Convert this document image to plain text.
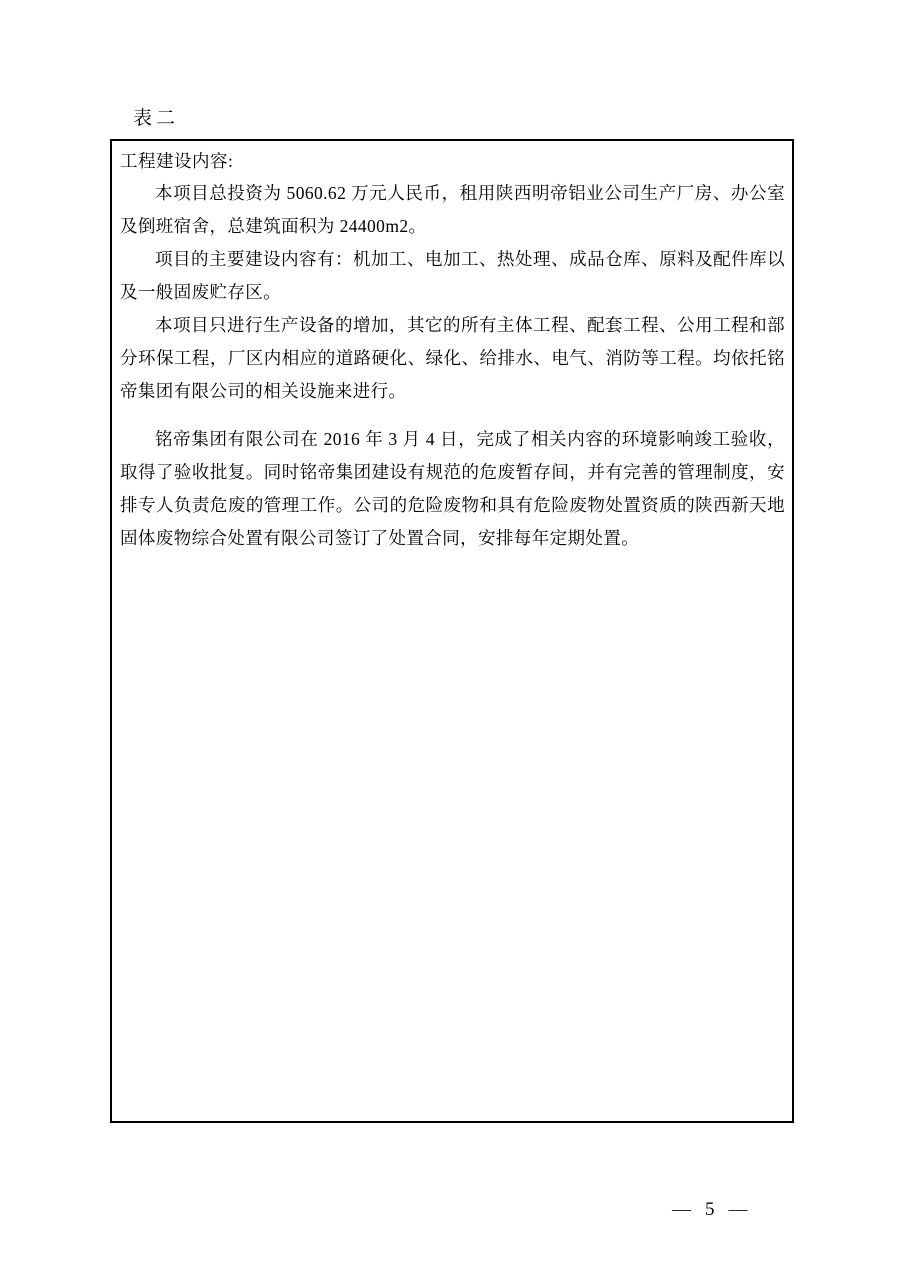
表二
工程建设内容:

本项目总投资为 5060.62 万元人民币，租用陕西明帝铝业公司生产厂房、办公室及倒班宿舍，总建筑面积为 24400m2。

项目的主要建设内容有：机加工、电加工、热处理、成品仓库、原料及配件库以及一般固废贮存区。

本项目只进行生产设备的增加，其它的所有主体工程、配套工程、公用工程和部分环保工程，厂区内相应的道路硬化、绿化、给排水、电气、消防等工程。均依托铭帝集团有限公司的相关设施来进行。

铭帝集团有限公司在 2016 年 3 月 4 日，完成了相关内容的环境影响竣工验收，取得了验收批复。同时铭帝集团建设有规范的危废暂存间，并有完善的管理制度，安排专人负责危废的管理工作。公司的危险废物和具有危险废物处置资质的陕西新天地固体废物综合处置有限公司签订了处置合同，安排每年定期处置。

— 5 —
